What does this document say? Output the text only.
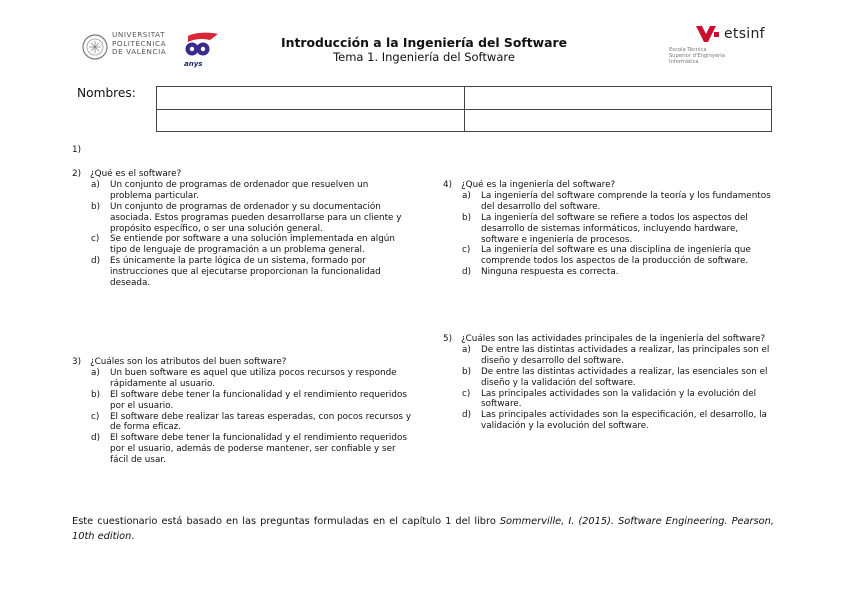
UNIVERSITAT
POLITÈCNICA
DE VALÈNCIA
anys
Introducción a la Ingeniería del Software
Tema 1. Ingeniería del Software
etsinf
Escola Tècnica
Superior d'Enginyeria
Informàtica
Nombres:

1)
2) ¿Qué es el software?
a) Un conjunto de programas de ordenador que resuelven un problema particular.
b) Un conjunto de programas de ordenador y su documentación asociada. Estos programas pueden desarrollarse para un cliente y propósito específico, o ser una solución general.
c) Se entiende por software a una solución implementada en algún tipo de lenguaje de programación a un problema general.
d) Es únicamente la parte lógica de un sistema, formado por instrucciones que al ejecutarse proporcionan la funcionalidad deseada.
3) ¿Cuáles son los atributos del buen software?
a) Un buen software es aquel que utiliza pocos recursos y responde rápidamente al usuario.
b) El software debe tener la funcionalidad y el rendimiento requeridos por el usuario.
c) El software debe realizar las tareas esperadas, con pocos recursos y de forma eficaz.
d) El software debe tener la funcionalidad y el rendimiento requeridos por el usuario, además de poderse mantener, ser confiable y ser fácil de usar.
4) ¿Qué es la ingeniería del software?
a) La ingeniería del software comprende la teoría y los fundamentos del desarrollo del software.
b) La ingeniería del software se refiere a todos los aspectos del desarrollo de sistemas informáticos, incluyendo hardware, software e ingeniería de procesos.
c) La ingeniería del software es una disciplina de ingeniería que comprende todos los aspectos de la producción de software.
d) Ninguna respuesta es correcta.
5) ¿Cuáles son las actividades principales de la ingeniería del software?
a) De entre las distintas actividades a realizar, las principales son el diseño y desarrollo del software.
b) De entre las distintas actividades a realizar, las esenciales son el diseño y la validación del software.
c) Las principales actividades son la validación y la evolución del software.
d) Las principales actividades son la especificación, el desarrollo, la validación y la evolución del software.
Este cuestionario está basado en las preguntas formuladas en el capítulo 1 del libro Sommerville, I. (2015). Software Engineering. Pearson, 10th edition.
